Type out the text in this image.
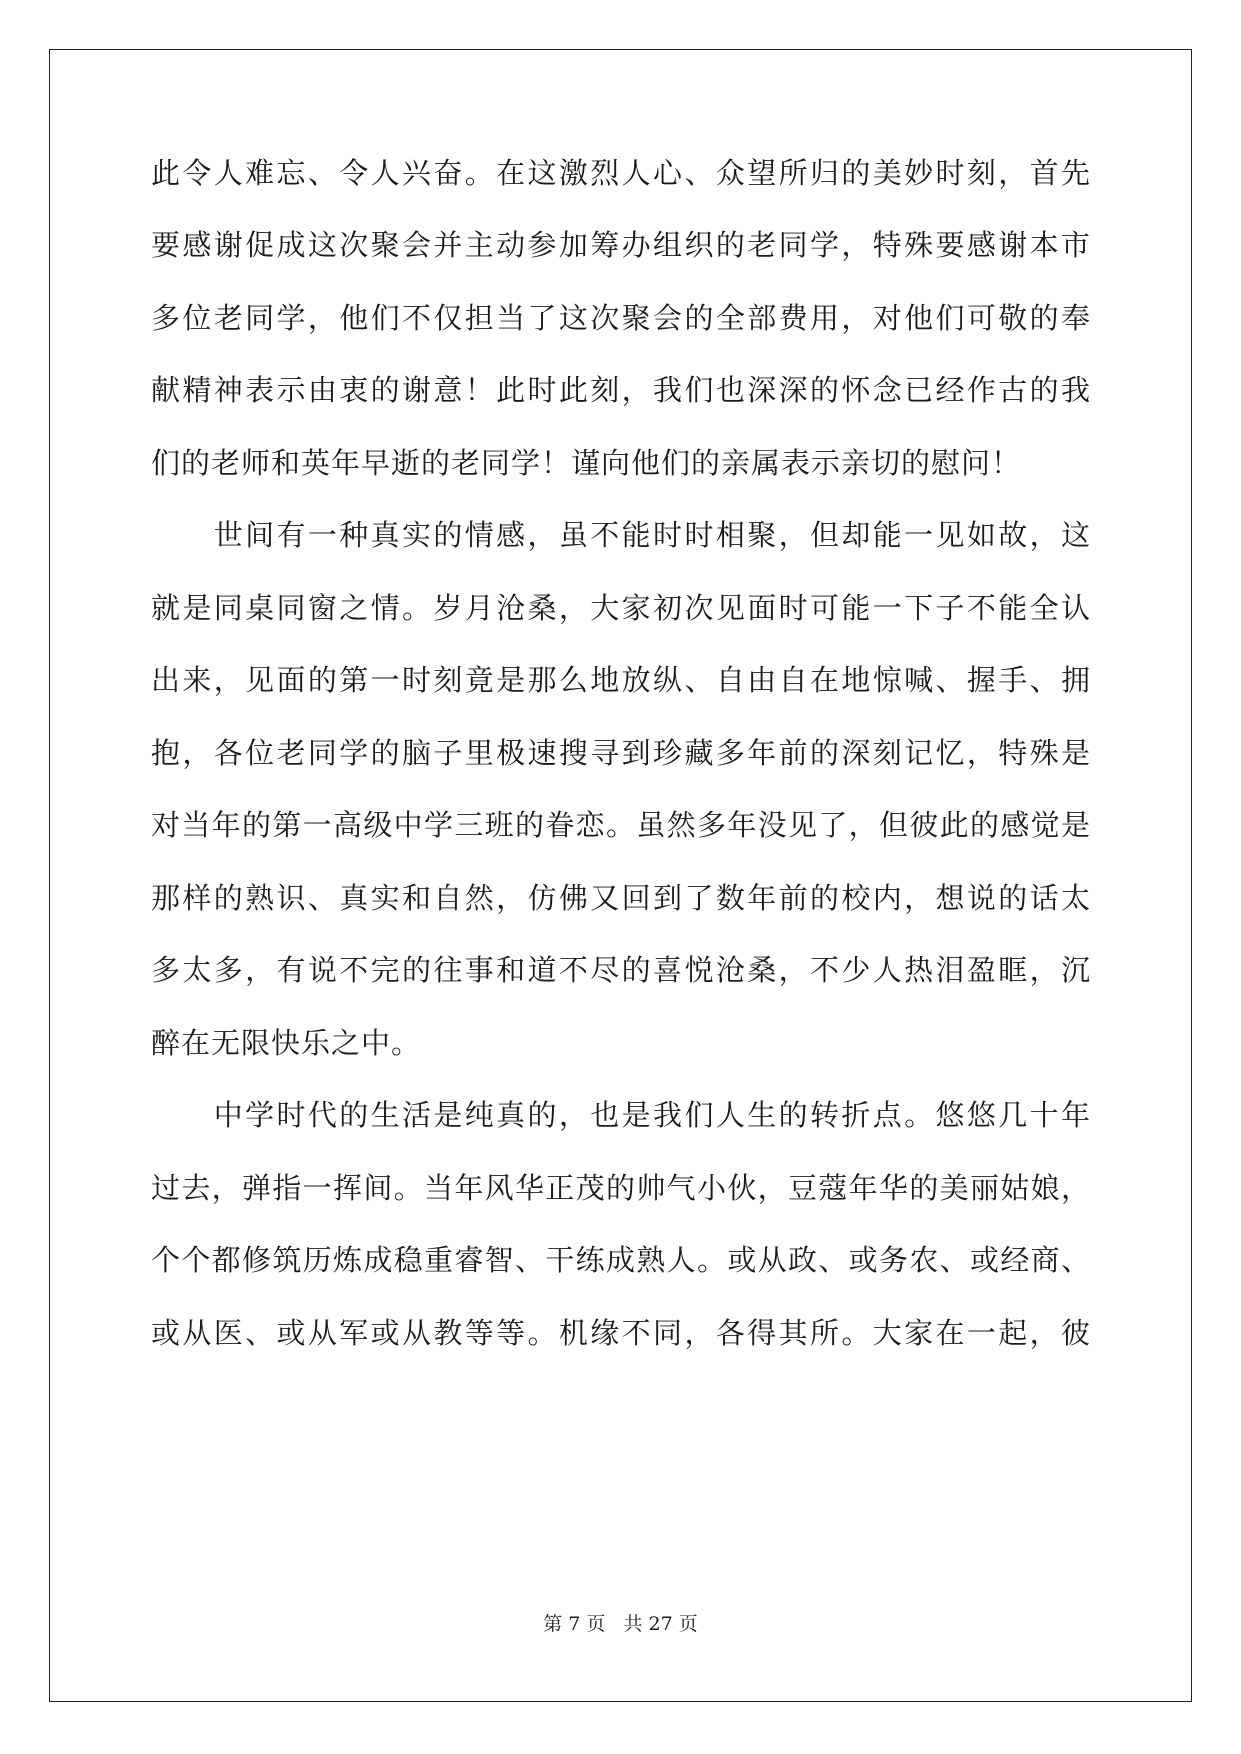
此令人难忘、令人兴奋。在这激烈人心、众望所归的美妙时刻，首先
要感谢促成这次聚会并主动参加筹办组织的老同学，特殊要感谢本市
多位老同学，他们不仅担当了这次聚会的全部费用，对他们可敬的奉
献精神表示由衷的谢意！此时此刻，我们也深深的怀念已经作古的我
们的老师和英年早逝的老同学！谨向他们的亲属表示亲切的慰问！
　　世间有一种真实的情感，虽不能时时相聚，但却能一见如故，这
就是同桌同窗之情。岁月沧桑，大家初次见面时可能一下子不能全认
出来，见面的第一时刻竟是那么地放纵、自由自在地惊喊、握手、拥
抱，各位老同学的脑子里极速搜寻到珍藏多年前的深刻记忆，特殊是
对当年的第一高级中学三班的眷恋。虽然多年没见了，但彼此的感觉是
那样的熟识、真实和自然，仿佛又回到了数年前的校内，想说的话太
多太多，有说不完的往事和道不尽的喜悦沧桑，不少人热泪盈眶，沉
醉在无限快乐之中。
　　中学时代的生活是纯真的，也是我们人生的转折点。悠悠几十年
过去，弹指一挥间。当年风华正茂的帅气小伙，豆蔻年华的美丽姑娘，
个个都修筑历炼成稳重睿智、干练成熟人。或从政、或务农、或经商、
或从医、或从军或从教等等。机缘不同，各得其所。大家在一起，彼
第 7 页 共 27 页
